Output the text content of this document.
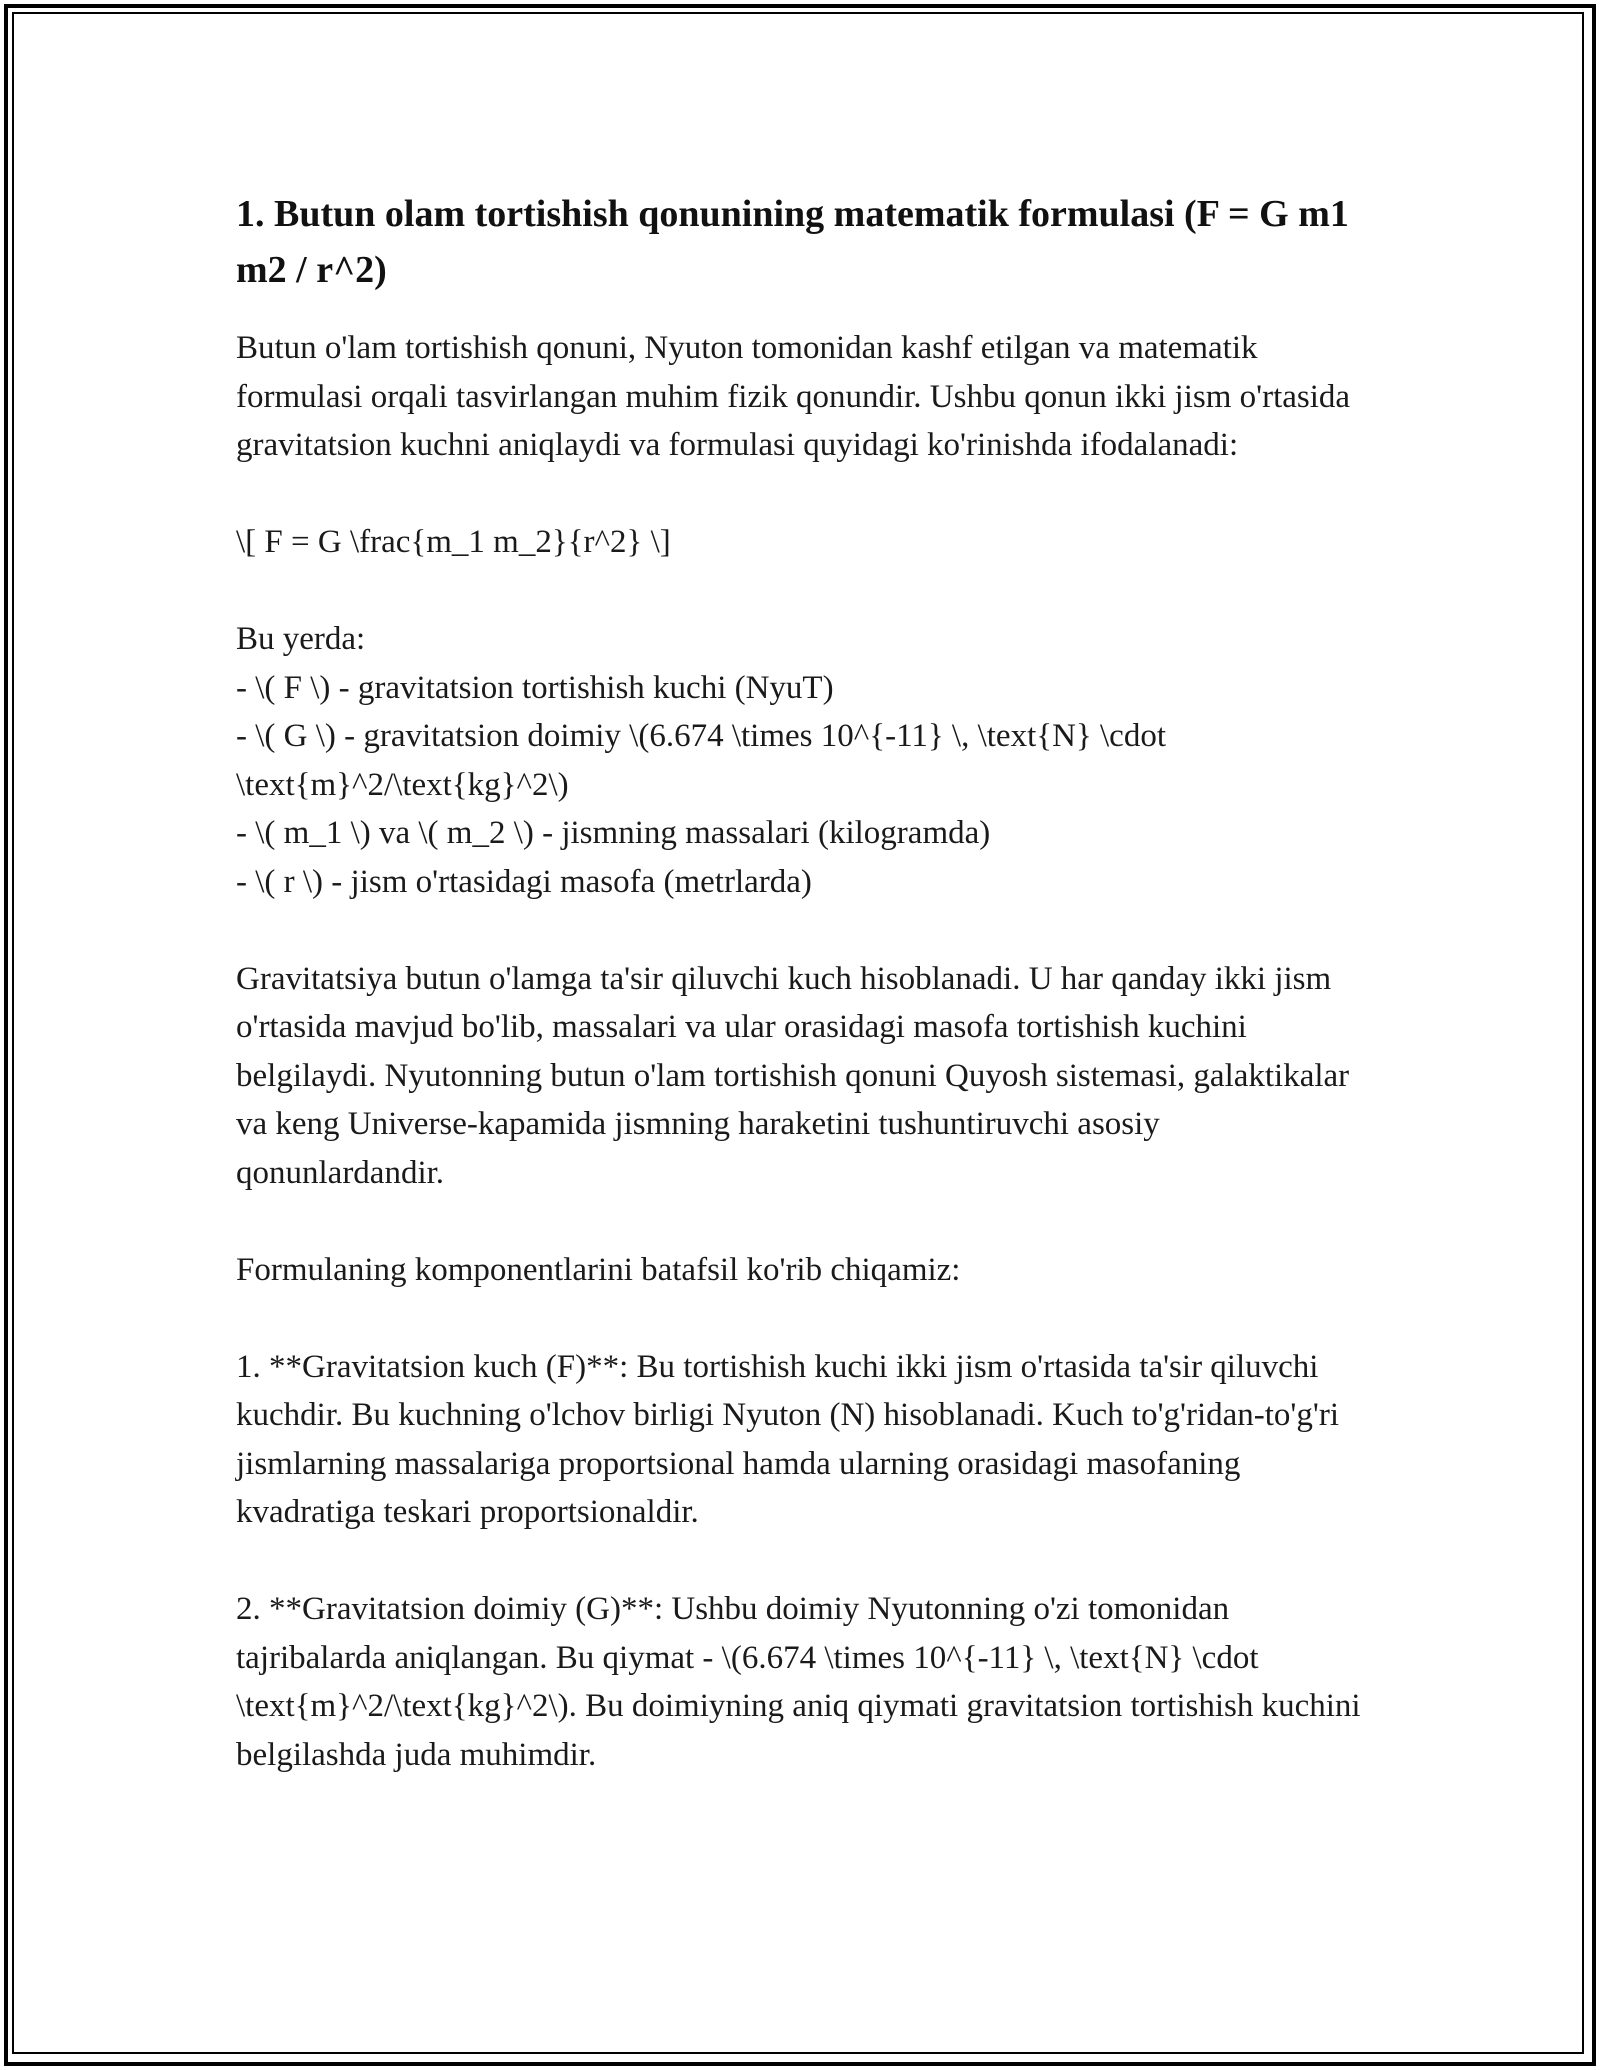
1. Butun olam tortishish qonunining matematik formulasi (F = G m1 m2 / r^2)

Butun o'lam tortishish qonuni, Nyuton tomonidan kashf etilgan va matematik formulasi orqali tasvirlangan muhim fizik qonundir. Ushbu qonun ikki jism o'rtasida gravitatsion kuchni aniqlaydi va formulasi quyidagi ko'rinishda ifodalanadi:

\[ F = G \frac{m_1 m_2}{r^2} \]

Bu yerda:

- \( F \) - gravitatsion tortishish kuchi (NyuT)

- \( G \) - gravitatsion doimiy \(6.674 \times 10^{-11} \, \text{N} \cdot \text{m}^2/\text{kg}^2\)

- \( m_1 \) va \( m_2 \) - jismning massalari (kilogramda)

- \( r \) - jism o'rtasidagi masofa (metrlarda)

Gravitatsiya butun o'lamga ta'sir qiluvchi kuch hisoblanadi. U har qanday ikki jism o'rtasida mavjud bo'lib, massalari va ular orasidagi masofa tortishish kuchini belgilaydi. Nyutonning butun o'lam tortishish qonuni Quyosh sistemasi, galaktikalar va keng Universe-kapamida jismning haraketini tushuntiruvchi asosiy qonunlardandir.

Formulaning komponentlarini batafsil ko'rib chiqamiz:

1. **Gravitatsion kuch (F)**: Bu tortishish kuchi ikki jism o'rtasida ta'sir qiluvchi kuchdir. Bu kuchning o'lchov birligi Nyuton (N) hisoblanadi. Kuch to'g'ridan-to'g'ri jismlarning massalariga proportsional hamda ularning orasidagi masofaning kvadratiga teskari proportsionaldir.

2. **Gravitatsion doimiy (G)**: Ushbu doimiy Nyutonning o'zi tomonidan tajribalarda aniqlangan. Bu qiymat - \(6.674 \times 10^{-11} \, \text{N} \cdot \text{m}^2/\text{kg}^2\). Bu doimiyning aniq qiymati gravitatsion tortishish kuchini belgilashda juda muhimdir.
